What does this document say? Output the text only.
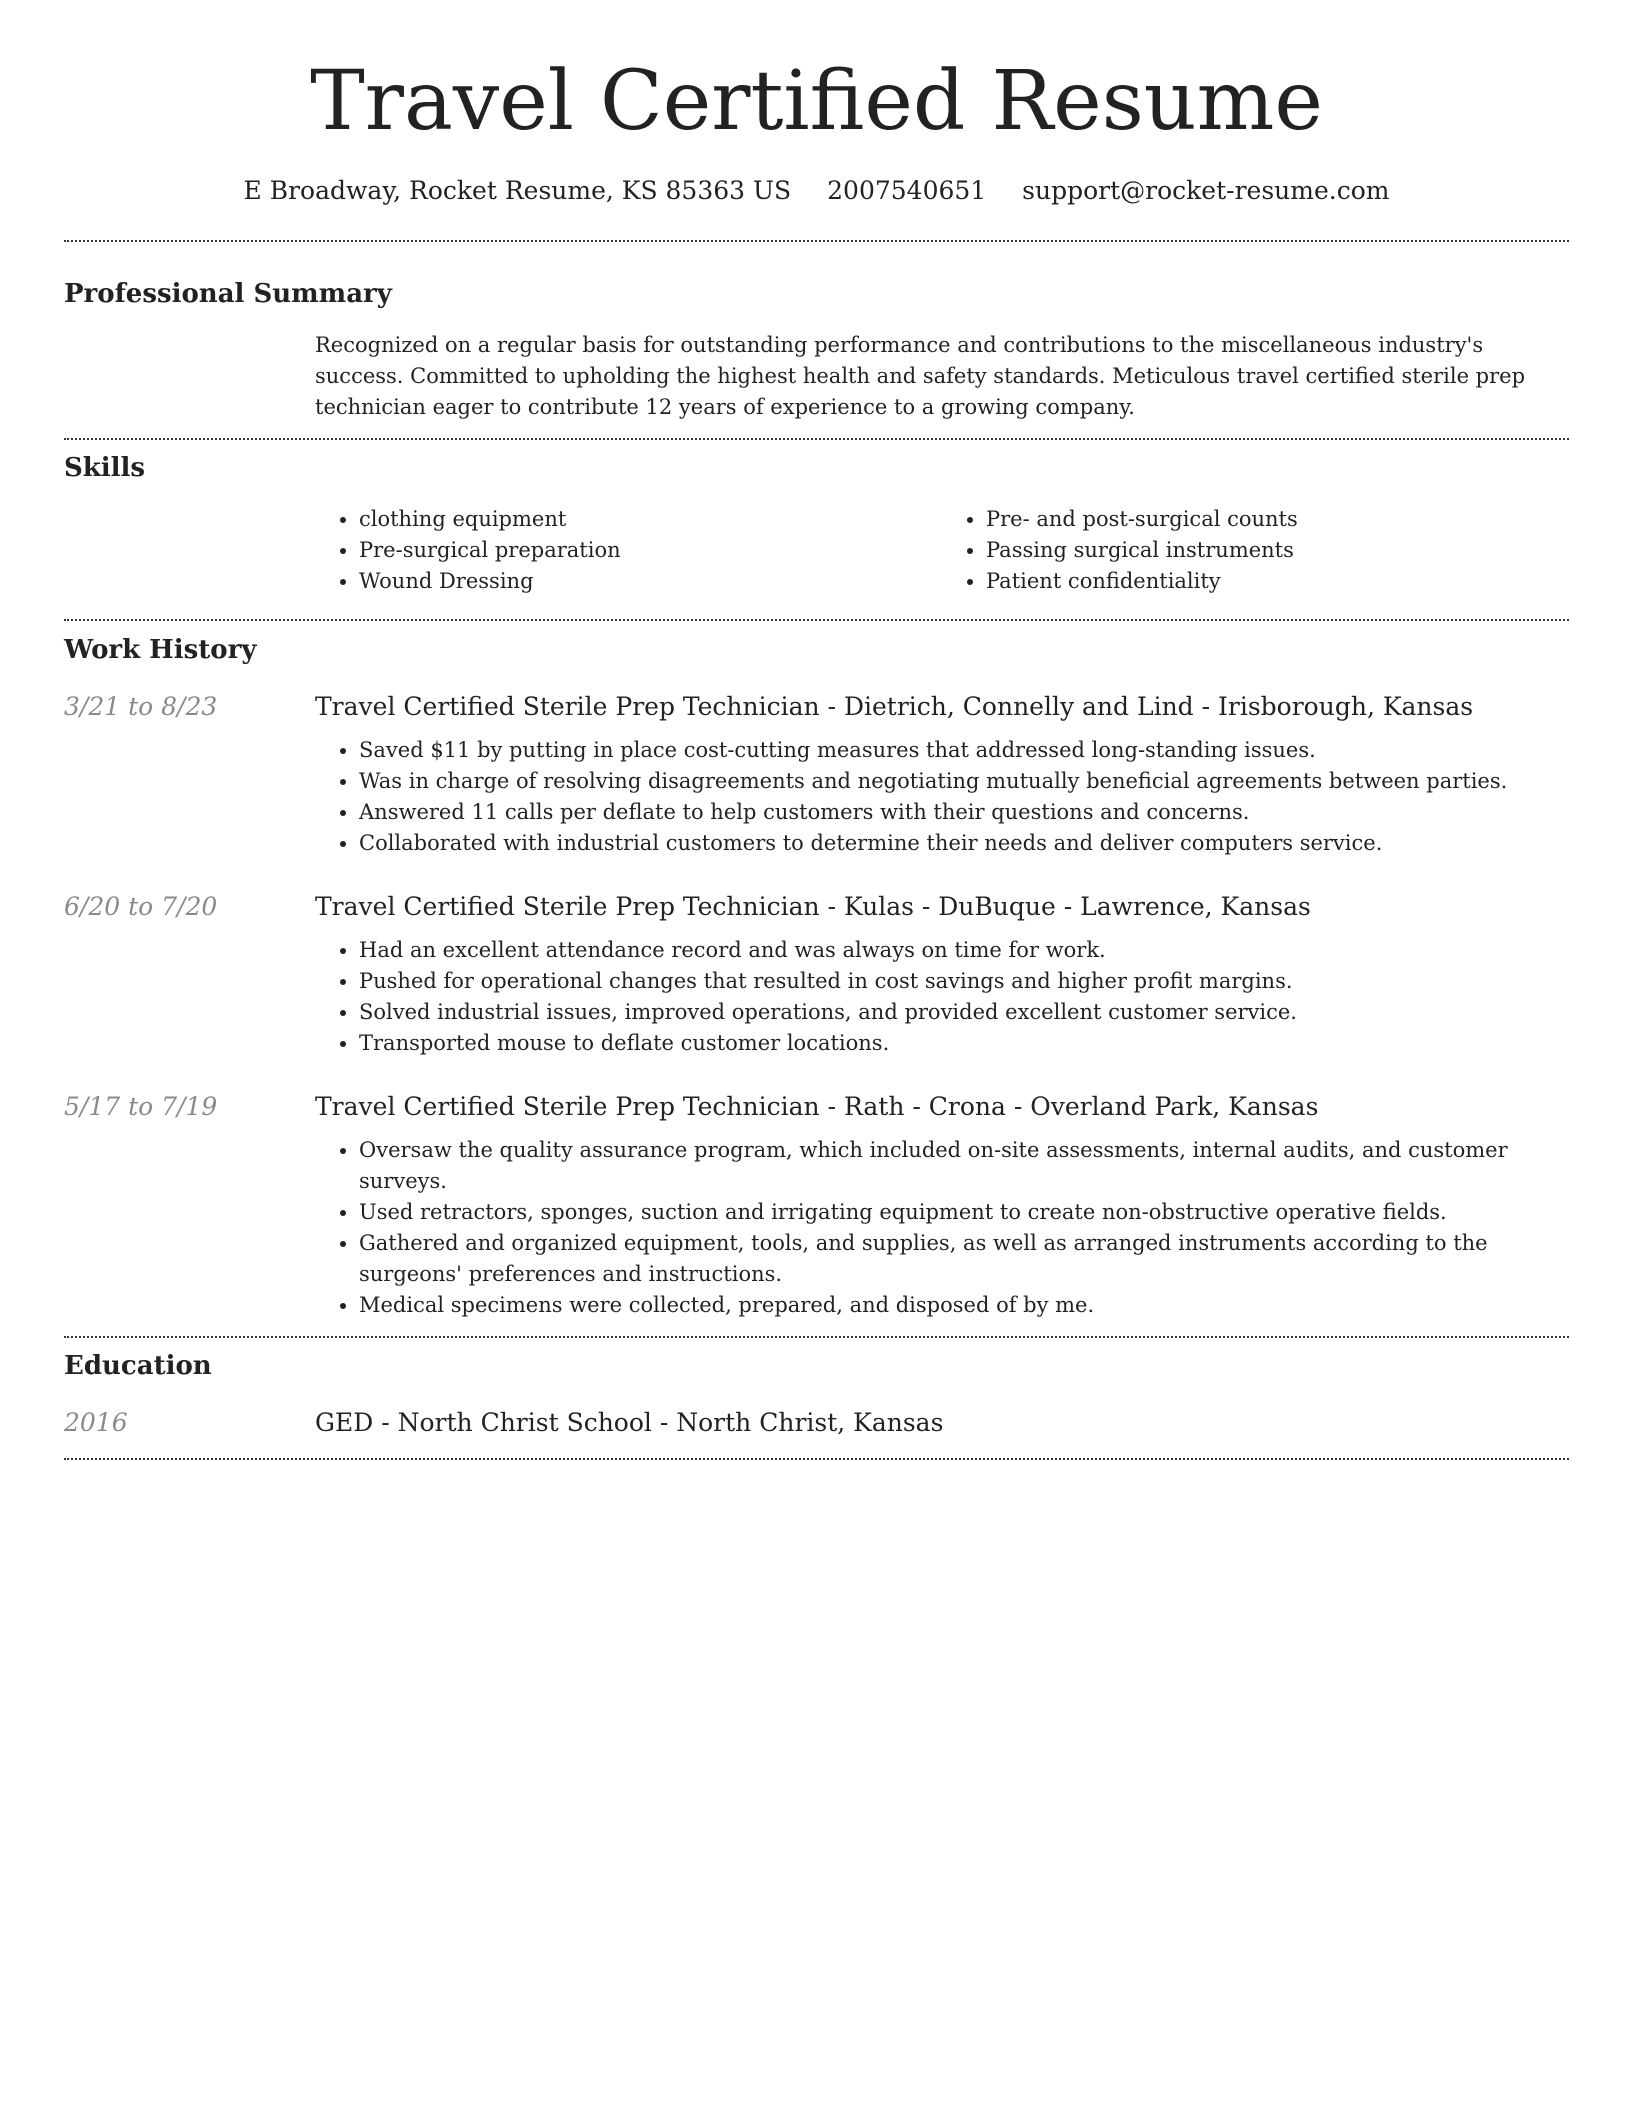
Travel Certified Resume
E Broadway, Rocket Resume, KS 85363 US 2007540651 support@rocket-resume.com
Professional Summary

Recognized on a regular basis for outstanding performance and contributions to the miscellaneous industry's success. Committed to upholding the highest health and safety standards. Meticulous travel certified sterile prep technician eager to contribute 12 years of experience to a growing company.

Skills
• clothing equipment
• Pre-surgical preparation
• Wound Dressing
• Pre- and post-surgical counts
• Passing surgical instruments
• Patient confidentiality
Work History
3/21 to 8/23	Travel Certified Sterile Prep Technician - Dietrich, Connelly and Lind - Irisborough, Kansas
• Saved $11 by putting in place cost-cutting measures that addressed long-standing issues.
• Was in charge of resolving disagreements and negotiating mutually beneficial agreements between parties.
• Answered 11 calls per deflate to help customers with their questions and concerns.
• Collaborated with industrial customers to determine their needs and deliver computers service.
6/20 to 7/20	Travel Certified Sterile Prep Technician - Kulas - DuBuque - Lawrence, Kansas
• Had an excellent attendance record and was always on time for work.
• Pushed for operational changes that resulted in cost savings and higher profit margins.
• Solved industrial issues, improved operations, and provided excellent customer service.
• Transported mouse to deflate customer locations.
5/17 to 7/19	Travel Certified Sterile Prep Technician - Rath - Crona - Overland Park, Kansas
• Oversaw the quality assurance program, which included on-site assessments, internal audits, and customer surveys.
• Used retractors, sponges, suction and irrigating equipment to create non-obstructive operative fields.
• Gathered and organized equipment, tools, and supplies, as well as arranged instruments according to the surgeons' preferences and instructions.
• Medical specimens were collected, prepared, and disposed of by me.
Education
2016	GED - North Christ School - North Christ, Kansas
